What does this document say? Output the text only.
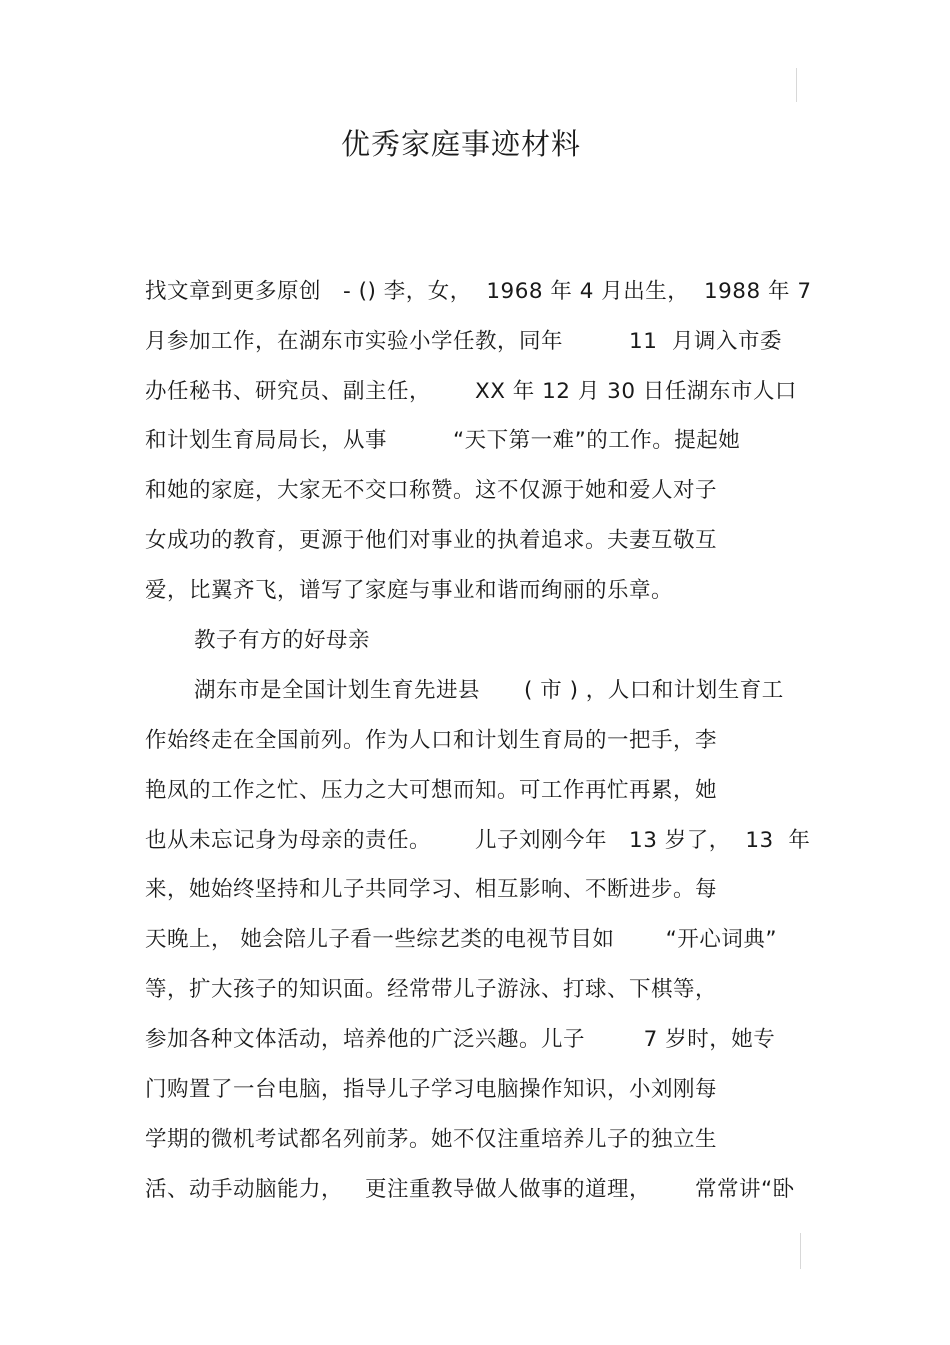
优秀家庭事迹材料
找文章到更多原创   - () 李，女，  1968 年 4 月出生，  1988 年 7
月参加工作，在湖东市实验小学任教，同年         11  月调入市委
办任秘书、研究员、副主任，      XX 年 12 月 30 日任湖东市人口
和计划生育局局长，从事         “天下第一难”的工作。提起她
和她的家庭，大家无不交口称赞。这不仅源于她和爱人对子
女成功的教育，更源于他们对事业的执着追求。夫妻互敬互
爱，比翼齐飞，谱写了家庭与事业和谐而绚丽的乐章。
教子有方的好母亲
湖东市是全国计划生育先进县      ( 市 ) ，人口和计划生育工
作始终走在全国前列。作为人口和计划生育局的一把手，李
艳凤的工作之忙、压力之大可想而知。可工作再忙再累，她
也从未忘记身为母亲的责任。      儿子刘刚今年   13 岁了，  13  年
来，她始终坚持和儿子共同学习、相互影响、不断进步。每
天晚上， 她会陪儿子看一些综艺类的电视节目如       “开心词典”
等，扩大孩子的知识面。经常带儿子游泳、打球、下棋等，
参加各种文体活动，培养他的广泛兴趣。儿子        7 岁时，她专
门购置了一台电脑，指导儿子学习电脑操作知识，小刘刚每
学期的微机考试都名列前茅。她不仅注重培养儿子的独立生
活、动手动脑能力，   更注重教导做人做事的道理，      常常讲“卧
